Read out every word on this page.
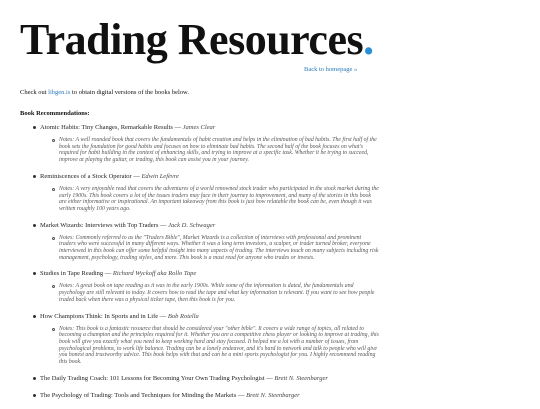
Trading Resources.
Back to homepage »
Check out libgen.is to obtain digital versions of the books below.
Book Recommendations:
Atomic Habits: Tiny Changes, Remarkable Results — James Clear
Notes: A well rounded book that covers the fundamentals of habit creation and helps in the elimination of bad habits. The first half of the book sets the foundation for good habits and focuses on how to eliminate bad habits. The second half of the book focuses on what's required for habit building in the context of enhancing skills, and trying to improve at a specific task. Whether it be trying to succeed, improve at playing the guitar, or trading, this book can assist you in your journey.
Reminiscences of a Stock Operator — Edwin Lefèvre
Notes: A very enjoyable read that covers the adventures of a world renowned stock trader who participated in the stock market during the early 1900s. This book covers a lot of the issues traders may face in their journey to improvement, and many of the stories in this book are either informative or inspirational. An important takeaway from this book is just how relatable the book can be, even though it was written roughly 100 years ago.
Market Wizards: Interviews with Top Traders — Jack D. Schwager
Notes: Commonly referred to as the "Traders Bible", Market Wizards is a collection of interviews with professional and prominent traders who were successful in many different ways. Whether it was a long term investors, a scalper, or trader turned broker, everyone interviewed in this book can offer some helpful insight into many aspects of trading. The interviews touch on many subjects including risk management, psychology, trading styles, and more. This book is a must read for anyone who trades or invests.
Studies in Tape Reading — Richard Wyckoff aka Rollo Tape
Notes: A great book on tape reading as it was in the early 1900s. While some of the information is dated, the fundamentals and psychology are still relevant to today. It covers how to read the tape and what key information is relevant. If you want to see how people traded back when there was a physical ticker tape, then this book is for you.
How Champions Think: In Sports and in Life — Bob Rotella
Notes: This book is a fantastic resource that should be considered your "other bible". It covers a wide range of topics, all related to becoming a champion and the principles required for it. Whether you are a competitive chess player or looking to improve at trading, this book will give you exactly what you need to keep working hard and stay focused. It helped me a lot with a number of issues, from psychological problems, to work life balance. Trading can be a lonely endeavor, and it's hard to network and talk to people who will give you honest and trustworthy advice. This book helps with that and can be a mini sports psychologist for you. I highly recommend reading this book.
The Daily Trading Coach: 101 Lessons for Becoming Your Own Trading Psychologist — Brett N. Steenbarger
The Psychology of Trading: Tools and Techniques for Minding the Markets — Brett N. Steenbarger
